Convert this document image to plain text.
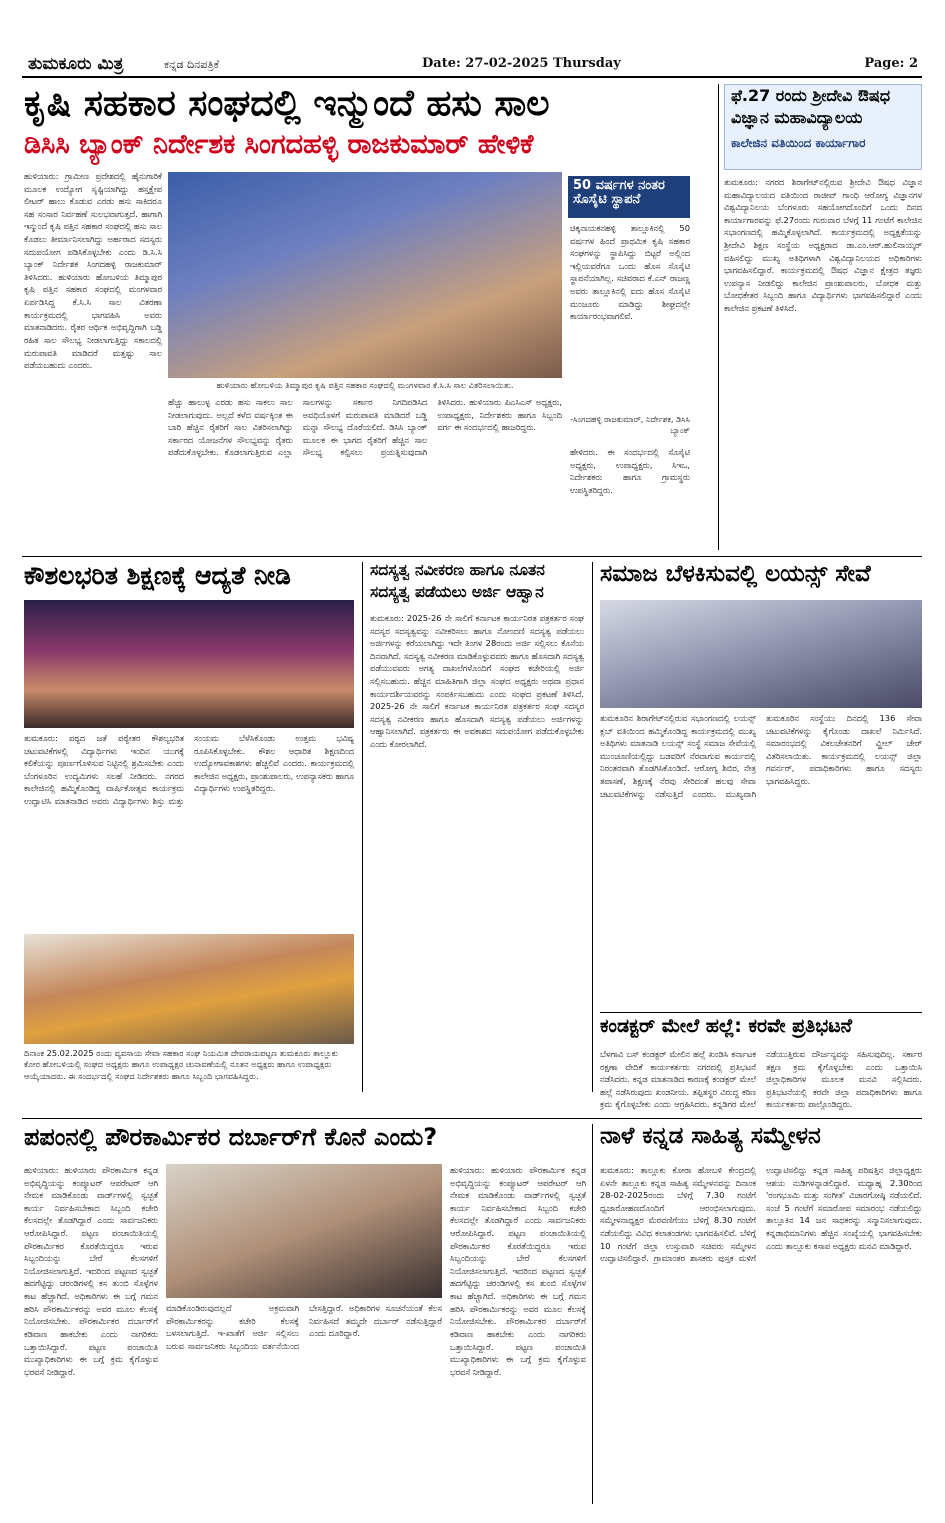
ತುಮಕೂರು ಮಿತ್ರ	ಕನ್ನಡ ದಿನಪತ್ರಿಕೆ	Date: 27-02-2025 Thursday	Page: 2
ಕೃಷಿ ಸಹಕಾರ ಸಂಘದಲ್ಲಿ ಇನ್ಮುಂದೆ ಹಸು ಸಾಲ
ಡಿಸಿಸಿ ಬ್ಯಾಂಕ್ ನಿರ್ದೇಶಕ ಸಿಂಗದಹಳ್ಳಿ ರಾಜಕುಮಾರ್ ಹೇಳಿಕೆ
ಹುಳಿಯಾರು: ಗ್ರಾಮೀಣ ಪ್ರದೇಶದಲ್ಲಿ ಹೈನುಗಾರಿಕೆ ಮೂಲಕ ಉದ್ಯೋಗ ಸೃಷ್ಟಿಯಾಗಿದ್ದು ಹಸ್ತಕ್ಷೇಪ ಲೀಟರ್ ಹಾಲು ಕೊಡುವ ಎರಡು ಹಸು ಸಾಕಿದರೂ ಸಹ ಸಂಸಾರ ನಿರ್ವಹಣೆ ಸುಲಭವಾಗುತ್ತದೆ. ಹಾಗಾಗಿ ಇನ್ಮುಂದೆ ಕೃಷಿ ಪತ್ತಿನ ಸಹಕಾರ ಸಂಘದಲ್ಲಿ ಹಸು ಸಾಲ ಕೊಡಲು ತೀರ್ಮಾನಿಸಲಾಗಿದ್ದು ಅರ್ಹರಾದ ಸದಸ್ಯರು ಸದುಪಯೋಗ ಪಡಿಸಿಕೊಳ್ಳಬೇಕು ಎಂದು ಡಿ.ಸಿ.ಸಿ ಬ್ಯಾಂಕ್ ನಿರ್ದೇಶಕ ಸಿಂಗದಹಳ್ಳಿ ರಾಜಕುಮಾರ್ ತಿಳಿಸಿದರು. ಹುಳಿಯಾರು ಹೋಬಳಿಯ ತಿಮ್ಮಾಪುರ ಕೃಷಿ ಪತ್ತಿನ ಸಹಕಾರ ಸಂಘದಲ್ಲಿ ಮಂಗಳವಾರ ಏರ್ಪಡಿಸಿದ್ದ ಕೆ.ಸಿ.ಸಿ ಸಾಲ ವಿತರಣಾ ಕಾರ್ಯಕ್ರಮದಲ್ಲಿ ಭಾಗವಹಿಸಿ ಅವರು ಮಾತನಾಡಿದರು. ರೈತರ ಆರ್ಥಿಕ ಅಭಿವೃದ್ಧಿಗಾಗಿ ಬಡ್ಡಿ ರಹಿತ ಸಾಲ ಸೌಲಭ್ಯ ನೀಡಲಾಗುತ್ತಿದ್ದು ಸಕಾಲದಲ್ಲಿ ಮರುಪಾವತಿ ಮಾಡಿದರೆ ಮತ್ತಷ್ಟು ಸಾಲ ಪಡೆಯಬಹುದು ಎಂದರು.
ಹುಳಿಯಾರು ಹೋಬಳಿಯ ತಿಮ್ಮಾಪುರ ಕೃಷಿ ಪತ್ತಿನ ಸಹಕಾರ ಸಂಘದಲ್ಲಿ ಮಂಗಳವಾರ ಕೆ.ಸಿ.ಸಿ ಸಾಲ ವಿತರಿಸಲಾಯಿತು.
ಹೆಚ್ಚು ಹಾಲುಳ್ಳ ಎರಡು ಹಸು ಸಾಕಲು ಸಾಲ ನೀಡಲಾಗುವುದು. ಅಲ್ಲದೆ ಕಳೆದ ವರ್ಷಕ್ಕಿಂತ ಈ ಬಾರಿ ಹೆಚ್ಚಿನ ರೈತರಿಗೆ ಸಾಲ ವಿತರಿಸಲಾಗಿದ್ದು ಸರ್ಕಾರದ ಯೋಜನೆಗಳ ಸೌಲಭ್ಯವನ್ನು ರೈತರು ಪಡೆದುಕೊಳ್ಳಬೇಕು. ಕೊಡಲಾಗುತ್ತಿರುವ ಎಲ್ಲಾ ಸಾಲಗಳನ್ನು ಸರ್ಕಾರ ನಿಗದಿಪಡಿಸಿದ ಅವಧಿಯೊಳಗೆ ಮರುಪಾವತಿ ಮಾಡಿದರೆ ಬಡ್ಡಿ ಮನ್ನಾ ಸೌಲಭ್ಯ ದೊರೆಯಲಿದೆ. ಡಿಸಿಸಿ ಬ್ಯಾಂಕ್ ಮೂಲಕ ಈ ಭಾಗದ ರೈತರಿಗೆ ಹೆಚ್ಚಿನ ಸಾಲ ಸೌಲಭ್ಯ ಕಲ್ಪಿಸಲು ಪ್ರಯತ್ನಿಸುವುದಾಗಿ ತಿಳಿಸಿದರು. ಹುಳಿಯಾರು ಪಿಎಸಿಎಸ್ ಅಧ್ಯಕ್ಷರು, ಉಪಾಧ್ಯಕ್ಷರು, ನಿರ್ದೇಶಕರು ಹಾಗೂ ಸಿಬ್ಬಂದಿ ವರ್ಗ ಈ ಸಂದರ್ಭದಲ್ಲಿ ಹಾಜರಿದ್ದರು.
50 ವರ್ಷಗಳ ನಂತರ ಸೊಸೈಟಿ ಸ್ಥಾಪನೆ
ಚಿಕ್ಕನಾಯಕನಹಳ್ಳಿ ತಾಲ್ಲೂಕಿನಲ್ಲಿ 50 ವರ್ಷಗಳ ಹಿಂದೆ ಪ್ರಾಥಮಿಕ ಕೃಷಿ ಸಹಕಾರ ಸಂಘಗಳನ್ನು ಸ್ಥಾಪಿಸಿದ್ದು ಬಿಟ್ಟರೆ ಅಲ್ಲಿಂದ ಇಲ್ಲಿಯವರೆಗೂ ಒಂದು ಹೊಸ ಸೊಸೈಟಿ ಸ್ಥಾಪನೆಯಾಗಿಲ್ಲ. ಸಚಿವರಾದ ಕೆ.ಎನ್ ರಾಜಣ್ಣ ಅವರು ತಾಲ್ಲೂಕಿನಲ್ಲಿ ಐದು ಹೊಸ ಸೊಸೈಟಿ ಮಂಜೂರು ಮಾಡಿದ್ದು ಶೀಘ್ರದಲ್ಲೇ ಕಾರ್ಯಾರಂಭವಾಗಲಿವೆ.
-ಸಿಂಗದಹಳ್ಳಿ ರಾಜಕುಮಾರ್, ನಿರ್ದೇಶಕ, ಡಿಸಿಸಿ ಬ್ಯಾಂಕ್
ಹೇಳಿದರು. ಈ ಸಂದರ್ಭದಲ್ಲಿ ಸೊಸೈಟಿ ಅಧ್ಯಕ್ಷರು, ಉಪಾಧ್ಯಕ್ಷರು, ಸಿಇಒ, ನಿರ್ದೇಶಕರು ಹಾಗೂ ಗ್ರಾಮಸ್ಥರು ಉಪಸ್ಥಿತರಿದ್ದರು.
ಫೆ.27 ರಂದು ಶ್ರೀದೇವಿ ಔಷಧ
ವಿಜ್ಞಾನ ಮಹಾವಿದ್ಯಾಲಯ
ಕಾಲೇಜಿನ ವತಿಯಿಂದ ಕಾರ್ಯಾಗಾರ
ತುಮಕೂರು: ನಗರದ ಶಿರಾಗೇಟ್‌ನಲ್ಲಿರುವ ಶ್ರೀದೇವಿ ಔಷಧ ವಿಜ್ಞಾನ ಮಹಾವಿದ್ಯಾಲಯದ ವತಿಯಿಂದ ರಾಜೀವ್ ಗಾಂಧಿ ಆರೋಗ್ಯ ವಿಜ್ಞಾನಗಳ ವಿಶ್ವವಿದ್ಯಾನಿಲಯ ಬೆಂಗಳೂರು ಸಹಯೋಗದೊಂದಿಗೆ ಒಂದು ದಿನದ ಕಾರ್ಯಾಗಾರವನ್ನು ಫೆ.27ರಂದು ಗುರುವಾರ ಬೆಳಗ್ಗೆ 11 ಗಂಟೆಗೆ ಕಾಲೇಜಿನ ಸಭಾಂಗಣದಲ್ಲಿ ಹಮ್ಮಿಕೊಳ್ಳಲಾಗಿದೆ. ಕಾರ್ಯಕ್ರಮದಲ್ಲಿ ಅಧ್ಯಕ್ಷತೆಯನ್ನು ಶ್ರೀದೇವಿ ಶಿಕ್ಷಣ ಸಂಸ್ಥೆಯ ಅಧ್ಯಕ್ಷರಾದ ಡಾ.ಎಂ.ಆರ್.ಹುಲಿನಾಯ್ಕರ್ ವಹಿಸಲಿದ್ದು ಮುಖ್ಯ ಅತಿಥಿಗಳಾಗಿ ವಿಶ್ವವಿದ್ಯಾನಿಲಯದ ಅಧಿಕಾರಿಗಳು ಭಾಗವಹಿಸಲಿದ್ದಾರೆ. ಕಾರ್ಯಕ್ರಮದಲ್ಲಿ ಔಷಧ ವಿಜ್ಞಾನ ಕ್ಷೇತ್ರದ ತಜ್ಞರು ಉಪನ್ಯಾಸ ನೀಡಲಿದ್ದು ಕಾಲೇಜಿನ ಪ್ರಾಂಶುಪಾಲರು, ಬೋಧಕ ಮತ್ತು ಬೋಧಕೇತರ ಸಿಬ್ಬಂದಿ ಹಾಗೂ ವಿದ್ಯಾರ್ಥಿಗಳು ಭಾಗವಹಿಸಲಿದ್ದಾರೆ ಎಂದು ಕಾಲೇಜಿನ ಪ್ರಕಟಣೆ ತಿಳಿಸಿದೆ.
ಕೌಶಲಭರಿತ ಶಿಕ್ಷಣಕ್ಕೆ ಆದ್ಯತೆ ನೀಡಿ
ತುಮಕೂರು: ಪಠ್ಯದ ಜತೆ ಪಠ್ಯೇತರ ಕೌಶಲ್ಯಭರಿತ ಚಟುವಟಿಕೆಗಳಲ್ಲಿ ವಿದ್ಯಾರ್ಥಿಗಳು ಇಂದಿನ ಯುಗಕ್ಕೆ ಕಲಿಕೆಯನ್ನು ಪೂರ್ಣಗೊಳಿಸುವ ನಿಟ್ಟಿನಲ್ಲಿ ಶ್ರಮಿಸಬೇಕು ಎಂದು ಬೆಂಗಳೂರಿನ ಉದ್ಯಮಿಗಳು ಸಲಹೆ ನೀಡಿದರು. ನಗರದ ಕಾಲೇಜಿನಲ್ಲಿ ಹಮ್ಮಿಕೊಂಡಿದ್ದ ವಾರ್ಷಿಕೋತ್ಸವ ಕಾರ್ಯಕ್ರಮ ಉದ್ಘಾಟಿಸಿ ಮಾತನಾಡಿದ ಅವರು ವಿದ್ಯಾರ್ಥಿಗಳು ಶಿಸ್ತು ಮತ್ತು ಸಂಯಮ ಬೆಳೆಸಿಕೊಂಡು ಉತ್ತಮ ಭವಿಷ್ಯ ರೂಪಿಸಿಕೊಳ್ಳಬೇಕು. ಕೌಶಲ ಆಧಾರಿತ ಶಿಕ್ಷಣದಿಂದ ಉದ್ಯೋಗಾವಕಾಶಗಳು ಹೆಚ್ಚಲಿವೆ ಎಂದರು. ಕಾರ್ಯಕ್ರಮದಲ್ಲಿ ಕಾಲೇಜಿನ ಅಧ್ಯಕ್ಷರು, ಪ್ರಾಂಶುಪಾಲರು, ಉಪನ್ಯಾಸಕರು ಹಾಗೂ ವಿದ್ಯಾರ್ಥಿಗಳು ಉಪಸ್ಥಿತರಿದ್ದರು.
ದಿನಾಂಕ 25.02.2025 ರಂದು ವ್ಯವಸಾಯ ಸೇವಾ ಸಹಕಾರ ಸಂಘ ನಿಯಮಿತ ದೇವರಾಯಪಟ್ಟಣ ತುಮಕೂರು ತಾಲ್ಲೂಕು ಕೋರ ಹೋಬಳಿಯಲ್ಲಿ ಸಂಘದ ಅಧ್ಯಕ್ಷರು ಹಾಗೂ ಉಪಾಧ್ಯಕ್ಷರ ಚುನಾವಣೆಯಲ್ಲಿ ನೂತನ ಅಧ್ಯಕ್ಷರು ಹಾಗೂ ಉಪಾಧ್ಯಕ್ಷರು ಆಯ್ಕೆಯಾದರು. ಈ ಸಂದರ್ಭದಲ್ಲಿ ಸಂಘದ ನಿರ್ದೇಶಕರು ಹಾಗೂ ಸಿಬ್ಬಂದಿ ಭಾಗವಹಿಸಿದ್ದರು.
ಸದಸ್ಯತ್ವ ನವೀಕರಣ ಹಾಗೂ ನೂತನ
ಸದಸ್ಯತ್ವ ಪಡೆಯಲು ಅರ್ಜಿ ಆಹ್ವಾನ
ತುಮಕೂರು: 2025-26 ನೇ ಸಾಲಿಗೆ ಕರ್ನಾಟಕ ಕಾರ್ಯನಿರತ ಪತ್ರಕರ್ತರ ಸಂಘ ಸದಸ್ಯರ ಸದಸ್ಯತ್ವವನ್ನು ನವೀಕರಿಸಲು ಹಾಗೂ ನೋಂದಣಿ ಸದಸ್ಯತ್ವ ಪಡೆಯಲು ಅರ್ಜಿಗಳನ್ನು ಕರೆಯಲಾಗಿದ್ದು ಇದೇ ತಿಂಗಳ 28ರಂದು ಅರ್ಜಿ ಸಲ್ಲಿಸಲು ಕೊನೆಯ ದಿನವಾಗಿದೆ. ಸದಸ್ಯತ್ವ ನವೀಕರಣ ಮಾಡಿಕೊಳ್ಳುವವರು ಹಾಗೂ ಹೊಸದಾಗಿ ಸದಸ್ಯತ್ವ ಪಡೆಯುವವರು ಅಗತ್ಯ ದಾಖಲೆಗಳೊಂದಿಗೆ ಸಂಘದ ಕಚೇರಿಯಲ್ಲಿ ಅರ್ಜಿ ಸಲ್ಲಿಸಬಹುದು. ಹೆಚ್ಚಿನ ಮಾಹಿತಿಗಾಗಿ ಜಿಲ್ಲಾ ಸಂಘದ ಅಧ್ಯಕ್ಷರು ಅಥವಾ ಪ್ರಧಾನ ಕಾರ್ಯದರ್ಶಿಯವರನ್ನು ಸಂಪರ್ಕಿಸಬಹುದು ಎಂದು ಸಂಘದ ಪ್ರಕಟಣೆ ತಿಳಿಸಿದೆ. 2025-26 ನೇ ಸಾಲಿಗೆ ಕರ್ನಾಟಕ ಕಾರ್ಯನಿರತ ಪತ್ರಕರ್ತರ ಸಂಘ ಸದಸ್ಯರ ಸದಸ್ಯತ್ವ ನವೀಕರಣ ಹಾಗೂ ಹೊಸದಾಗಿ ಸದಸ್ಯತ್ವ ಪಡೆಯಲು ಅರ್ಜಿಗಳನ್ನು ಆಹ್ವಾನಿಸಲಾಗಿದೆ. ಪತ್ರಕರ್ತರು ಈ ಅವಕಾಶದ ಸದುಪಯೋಗ ಪಡೆದುಕೊಳ್ಳಬೇಕು ಎಂದು ಕೋರಲಾಗಿದೆ.
ಸಮಾಜ ಬೆಳಕಿಸುವಲ್ಲಿ ಲಯನ್ಸ್ ಸೇವೆ
ತುಮಕೂರಿನ ಶಿರಾಗೇಟ್‌ನಲ್ಲಿರುವ ಸಭಾಂಗಣದಲ್ಲಿ ಲಯನ್ಸ್ ಕ್ಲಬ್ ವತಿಯಿಂದ ಹಮ್ಮಿಕೊಂಡಿದ್ದ ಕಾರ್ಯಕ್ರಮದಲ್ಲಿ ಮುಖ್ಯ ಅತಿಥಿಗಳು ಮಾತನಾಡಿ ಲಯನ್ಸ್ ಸಂಸ್ಥೆ ಸಮಾಜ ಸೇವೆಯಲ್ಲಿ ಮುಂಚೂಣಿಯಲ್ಲಿದ್ದು ಬಡವರಿಗೆ ನೆರವಾಗುವ ಕಾರ್ಯದಲ್ಲಿ ನಿರಂತರವಾಗಿ ತೊಡಗಿಸಿಕೊಂಡಿದೆ. ಆರೋಗ್ಯ ಶಿಬಿರ, ನೇತ್ರ ತಪಾಸಣೆ, ಶಿಕ್ಷಣಕ್ಕೆ ನೆರವು ಸೇರಿದಂತೆ ಹಲವು ಸೇವಾ ಚಟುವಟಿಕೆಗಳನ್ನು ನಡೆಸುತ್ತಿದೆ ಎಂದರು. ಮುಖ್ಯವಾಗಿ ತುಮಕೂರಿನ ಸಂಸ್ಥೆಯು ದಿನದಲ್ಲಿ 136 ಸೇವಾ ಚಟುವಟಿಕೆಗಳನ್ನು ಕೈಗೊಂಡು ದಾಖಲೆ ನಿರ್ಮಿಸಿದೆ. ಸಮಾರಂಭದಲ್ಲಿ ವಿಕಲಚೇತನರಿಗೆ ವ್ಹೀಲ್ ಚೇರ್ ವಿತರಿಸಲಾಯಿತು. ಕಾರ್ಯಕ್ರಮದಲ್ಲಿ ಲಯನ್ಸ್ ಜಿಲ್ಲಾ ಗವರ್ನರ್, ಪದಾಧಿಕಾರಿಗಳು ಹಾಗೂ ಸದಸ್ಯರು ಭಾಗವಹಿಸಿದ್ದರು.
ಕಂಡಕ್ಟರ್ ಮೇಲೆ ಹಲ್ಲೆ: ಕರವೇ ಪ್ರತಿಭಟನೆ
ಬೆಳಗಾವಿ ಬಸ್ ಕಂಡಕ್ಟರ್ ಮೇಲಿನ ಹಲ್ಲೆ ಖಂಡಿಸಿ ಕರ್ನಾಟಕ ರಕ್ಷಣಾ ವೇದಿಕೆ ಕಾರ್ಯಕರ್ತರು ನಗರದಲ್ಲಿ ಪ್ರತಿಭಟನೆ ನಡೆಸಿದರು. ಕನ್ನಡ ಮಾತನಾಡಿದ ಕಾರಣಕ್ಕೆ ಕಂಡಕ್ಟರ್ ಮೇಲೆ ಹಲ್ಲೆ ನಡೆಸಿರುವುದು ಖಂಡನೀಯ. ತಪ್ಪಿತಸ್ಥರ ವಿರುದ್ಧ ಕಠಿಣ ಕ್ರಮ ಕೈಗೊಳ್ಳಬೇಕು ಎಂದು ಆಗ್ರಹಿಸಿದರು. ಕನ್ನಡಿಗರ ಮೇಲೆ ನಡೆಯುತ್ತಿರುವ ದೌರ್ಜನ್ಯವನ್ನು ಸಹಿಸುವುದಿಲ್ಲ. ಸರ್ಕಾರ ತಕ್ಷಣ ಕ್ರಮ ಕೈಗೊಳ್ಳಬೇಕು ಎಂದು ಒತ್ತಾಯಿಸಿ ಜಿಲ್ಲಾಧಿಕಾರಿಗಳ ಮೂಲಕ ಮನವಿ ಸಲ್ಲಿಸಿದರು. ಪ್ರತಿಭಟನೆಯಲ್ಲಿ ಕರವೇ ಜಿಲ್ಲಾ ಪದಾಧಿಕಾರಿಗಳು ಹಾಗೂ ಕಾರ್ಯಕರ್ತರು ಪಾಲ್ಗೊಂಡಿದ್ದರು.
ಪಪಂನಲ್ಲಿ ಪೌರಕಾರ್ಮಿಕರ ದರ್ಬಾರ್‌ಗೆ ಕೊನೆ ಎಂದು?
ಹುಳಿಯಾರು: ಹುಳಿಯಾರು ಪೌರಕಾರ್ಮಿಕ ಕನ್ನಡ ಅಭಿವೃದ್ಧಿಯನ್ನು ಕಂಪ್ಯೂಟರ್ ಆಪರೇಟರ್ ಆಗಿ ನೇಮಕ ಮಾಡಿಕೊಂಡು ವಾರ್ಡ್‌ಗಳಲ್ಲಿ ಸ್ವಚ್ಛತೆ ಕಾರ್ಯ ನಿರ್ವಹಿಸಬೇಕಾದ ಸಿಬ್ಬಂದಿ ಕಚೇರಿ ಕೆಲಸದಲ್ಲೇ ತೊಡಗಿದ್ದಾರೆ ಎಂದು ಸಾರ್ವಜನಿಕರು ಆರೋಪಿಸಿದ್ದಾರೆ. ಪಟ್ಟಣ ಪಂಚಾಯಿತಿಯಲ್ಲಿ ಪೌರಕಾರ್ಮಿಕರ ಕೊರತೆಯಿದ್ದರೂ ಇರುವ ಸಿಬ್ಬಂದಿಯನ್ನು ಬೇರೆ ಕೆಲಸಗಳಿಗೆ ನಿಯೋಜಿಸಲಾಗುತ್ತಿದೆ. ಇದರಿಂದ ಪಟ್ಟಣದ ಸ್ವಚ್ಛತೆ ಹದಗೆಟ್ಟಿದ್ದು ಚರಂಡಿಗಳಲ್ಲಿ ಕಸ ತುಂಬಿ ಸೊಳ್ಳೆಗಳ ಕಾಟ ಹೆಚ್ಚಾಗಿದೆ. ಅಧಿಕಾರಿಗಳು ಈ ಬಗ್ಗೆ ಗಮನ ಹರಿಸಿ ಪೌರಕಾರ್ಮಿಕರನ್ನು ಅವರ ಮೂಲ ಕೆಲಸಕ್ಕೆ ನಿಯೋಜಿಸಬೇಕು. ಪೌರಕಾರ್ಮಿಕರ ದರ್ಬಾರ್‌ಗೆ ಕಡಿವಾಣ ಹಾಕಬೇಕು ಎಂದು ನಾಗರಿಕರು ಒತ್ತಾಯಿಸಿದ್ದಾರೆ. ಪಟ್ಟಣ ಪಂಚಾಯಿತಿ ಮುಖ್ಯಾಧಿಕಾರಿಗಳು ಈ ಬಗ್ಗೆ ಕ್ರಮ ಕೈಗೊಳ್ಳುವ ಭರವಸೆ ನೀಡಿದ್ದಾರೆ.
ಮಾಡಿಕೊಂಡಿರುವುದಲ್ಲದೆ ಅಕ್ರಮವಾಗಿ ಪೌರಕಾರ್ಮಿಕರನ್ನು ಕಚೇರಿ ಕೆಲಸಕ್ಕೆ ಬಳಸಲಾಗುತ್ತಿದೆ. ಇ-ಖಾತೆಗೆ ಅರ್ಜಿ ಸಲ್ಲಿಸಲು ಬರುವ ಸಾರ್ವಜನಿಕರು ಸಿಬ್ಬಂದಿಯ ವರ್ತನೆಯಿಂದ ಬೇಸತ್ತಿದ್ದಾರೆ. ಅಧಿಕಾರಿಗಳ ಸೂಚನೆಯಂತೆ ಕೆಲಸ ನಿರ್ವಹಿಸದೆ ತಮ್ಮದೇ ದರ್ಬಾರ್ ನಡೆಸುತ್ತಿದ್ದಾರೆ ಎಂದು ದೂರಿದ್ದಾರೆ.
ಹುಳಿಯಾರು: ಹುಳಿಯಾರು ಪೌರಕಾರ್ಮಿಕ ಕನ್ನಡ ಅಭಿವೃದ್ಧಿಯನ್ನು ಕಂಪ್ಯೂಟರ್ ಆಪರೇಟರ್ ಆಗಿ ನೇಮಕ ಮಾಡಿಕೊಂಡು ವಾರ್ಡ್‌ಗಳಲ್ಲಿ ಸ್ವಚ್ಛತೆ ಕಾರ್ಯ ನಿರ್ವಹಿಸಬೇಕಾದ ಸಿಬ್ಬಂದಿ ಕಚೇರಿ ಕೆಲಸದಲ್ಲೇ ತೊಡಗಿದ್ದಾರೆ ಎಂದು ಸಾರ್ವಜನಿಕರು ಆರೋಪಿಸಿದ್ದಾರೆ. ಪಟ್ಟಣ ಪಂಚಾಯಿತಿಯಲ್ಲಿ ಪೌರಕಾರ್ಮಿಕರ ಕೊರತೆಯಿದ್ದರೂ ಇರುವ ಸಿಬ್ಬಂದಿಯನ್ನು ಬೇರೆ ಕೆಲಸಗಳಿಗೆ ನಿಯೋಜಿಸಲಾಗುತ್ತಿದೆ. ಇದರಿಂದ ಪಟ್ಟಣದ ಸ್ವಚ್ಛತೆ ಹದಗೆಟ್ಟಿದ್ದು ಚರಂಡಿಗಳಲ್ಲಿ ಕಸ ತುಂಬಿ ಸೊಳ್ಳೆಗಳ ಕಾಟ ಹೆಚ್ಚಾಗಿದೆ. ಅಧಿಕಾರಿಗಳು ಈ ಬಗ್ಗೆ ಗಮನ ಹರಿಸಿ ಪೌರಕಾರ್ಮಿಕರನ್ನು ಅವರ ಮೂಲ ಕೆಲಸಕ್ಕೆ ನಿಯೋಜಿಸಬೇಕು. ಪೌರಕಾರ್ಮಿಕರ ದರ್ಬಾರ್‌ಗೆ ಕಡಿವಾಣ ಹಾಕಬೇಕು ಎಂದು ನಾಗರಿಕರು ಒತ್ತಾಯಿಸಿದ್ದಾರೆ. ಪಟ್ಟಣ ಪಂಚಾಯಿತಿ ಮುಖ್ಯಾಧಿಕಾರಿಗಳು ಈ ಬಗ್ಗೆ ಕ್ರಮ ಕೈಗೊಳ್ಳುವ ಭರವಸೆ ನೀಡಿದ್ದಾರೆ.
ನಾಳೆ ಕನ್ನಡ ಸಾಹಿತ್ಯ ಸಮ್ಮೇಳನ
ತುಮಕೂರು: ತಾಲ್ಲೂಕು ಕೋರಾ ಹೋಬಳಿ ಕೇಂದ್ರದಲ್ಲಿ ಏಳನೇ ತಾಲ್ಲೂಕು ಕನ್ನಡ ಸಾಹಿತ್ಯ ಸಮ್ಮೇಳನವನ್ನು ದಿನಾಂಕ 28-02-2025ರಂದು ಬೆಳಿಗ್ಗೆ 7.30 ಗಂಟೆಗೆ ಧ್ವಜಾರೋಹಣದೊಂದಿಗೆ ಆರಂಭಿಸಲಾಗುವುದು. ಸಮ್ಮೇಳನಾಧ್ಯಕ್ಷರ ಮೆರವಣಿಗೆಯು ಬೆಳಿಗ್ಗೆ 8.30 ಗಂಟೆಗೆ ನಡೆಯಲಿದ್ದು ವಿವಿಧ ಕಲಾತಂಡಗಳು ಭಾಗವಹಿಸಲಿವೆ. ಬೆಳಿಗ್ಗೆ 10 ಗಂಟೆಗೆ ಜಿಲ್ಲಾ ಉಸ್ತುವಾರಿ ಸಚಿವರು ಸಮ್ಮೇಳನ ಉದ್ಘಾಟಿಸಲಿದ್ದಾರೆ. ಗ್ರಾಮಾಂತರ ಶಾಸಕರು ಪುಸ್ತಕ ಮಳಿಗೆ ಉದ್ಘಾಟಿಸಲಿದ್ದು ಕನ್ನಡ ಸಾಹಿತ್ಯ ಪರಿಷತ್ತಿನ ಜಿಲ್ಲಾಧ್ಯಕ್ಷರು ಆಶಯ ನುಡಿಗಳನ್ನಾಡಲಿದ್ದಾರೆ. ಮಧ್ಯಾಹ್ನ 2.30ರಿಂದ 'ರಂಗಭೂಮಿ ಮತ್ತು ಸಂಗೀತ' ವಿಚಾರಗೋಷ್ಠಿ ನಡೆಯಲಿದೆ. ಸಂಜೆ 5 ಗಂಟೆಗೆ ಸಮಾರೋಪ ಸಮಾರಂಭ ನಡೆಯಲಿದ್ದು ತಾಲ್ಲೂಕಿನ 14 ಜನ ಸಾಧಕರನ್ನು ಸನ್ಮಾನಿಸಲಾಗುವುದು. ಕನ್ನಡಾಭಿಮಾನಿಗಳು ಹೆಚ್ಚಿನ ಸಂಖ್ಯೆಯಲ್ಲಿ ಭಾಗವಹಿಸಬೇಕು ಎಂದು ತಾಲ್ಲೂಕು ಕಸಾಪ ಅಧ್ಯಕ್ಷರು ಮನವಿ ಮಾಡಿದ್ದಾರೆ.
